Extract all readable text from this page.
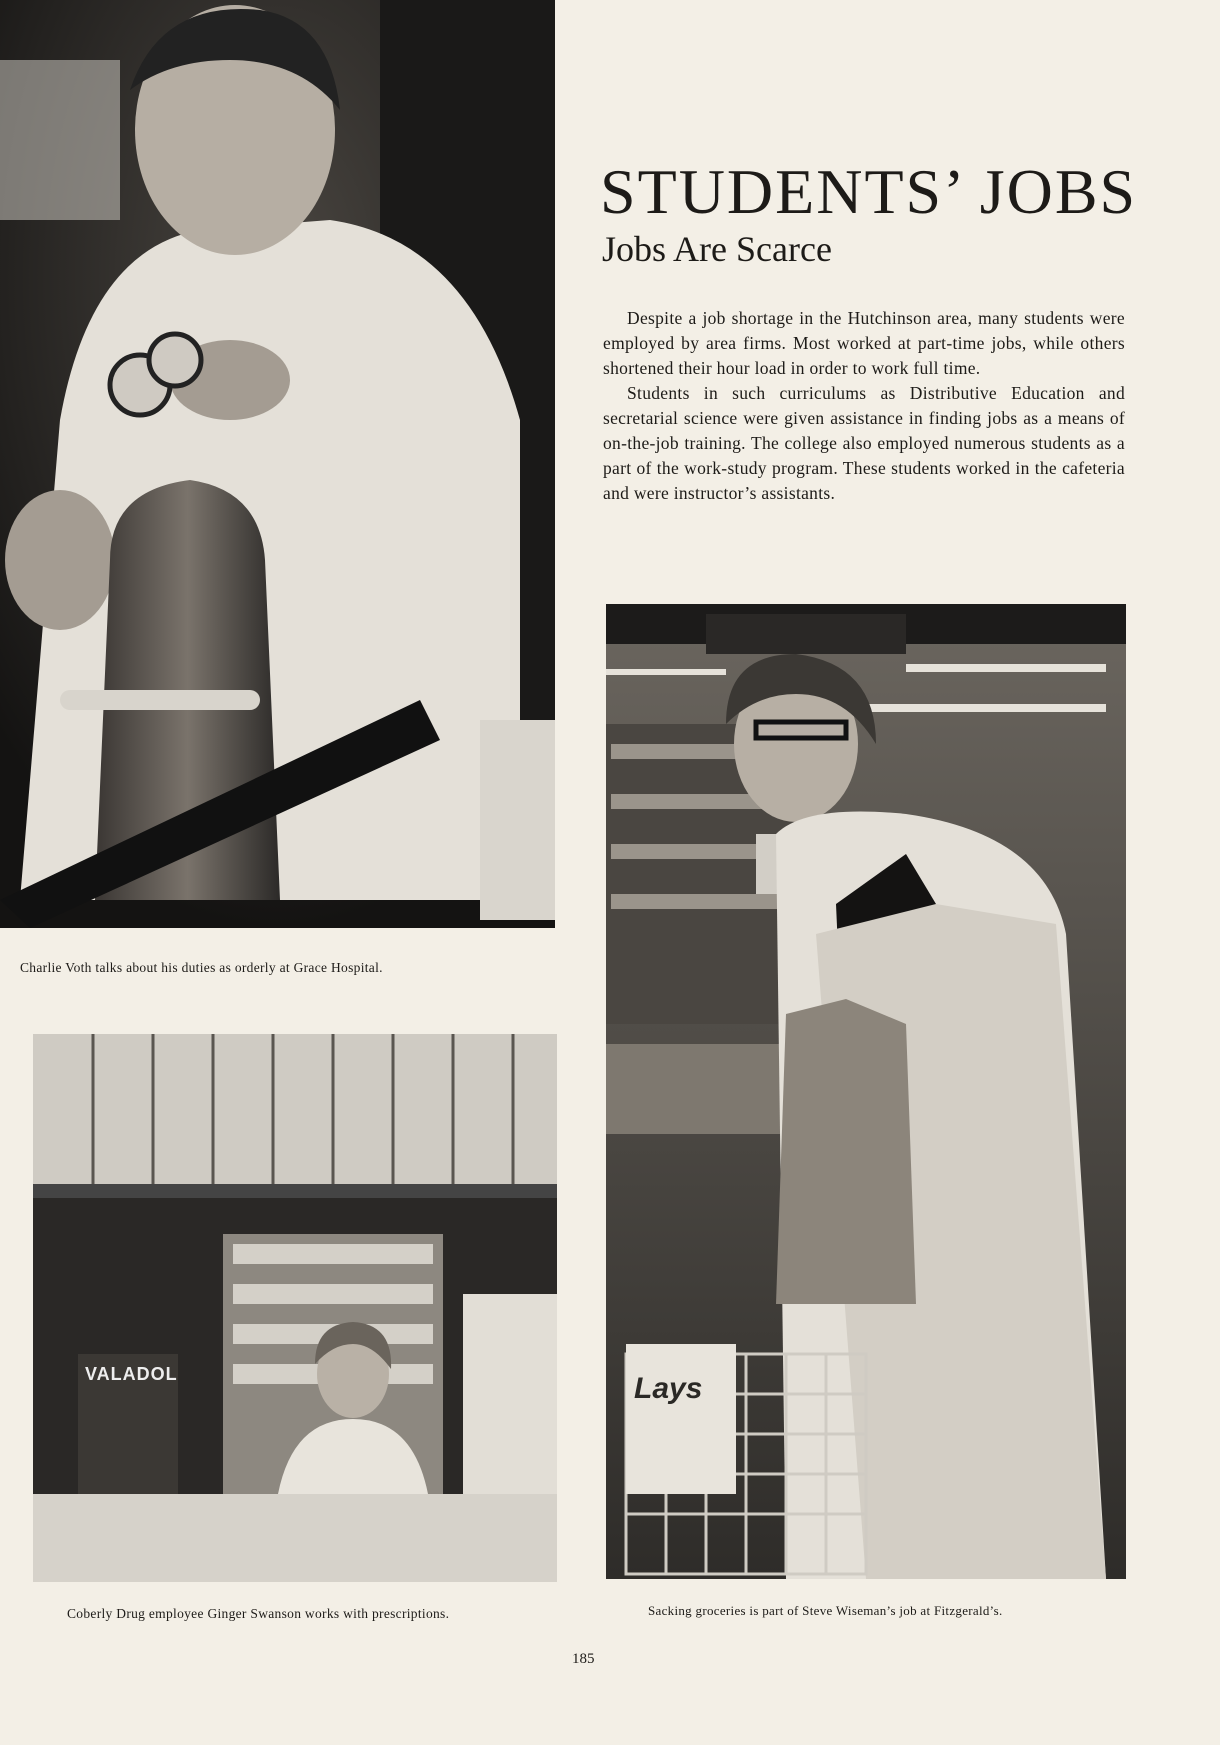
VALADOL	Lays
STUDENTS’ JOBS
Jobs Are Scarce

Despite a job shortage in the Hutchinson area, many students were employed by area firms. Most worked at part-time jobs, while others shortened their hour load in order to work full time.

Students in such curriculums as Distributive Education and secretarial science were given assistance in finding jobs as a means of on-the-job training. The college also employed numerous students as a part of the work-study program. These students worked in the cafeteria and were instructor’s assistants.

Charlie Voth talks about his duties as orderly at Grace Hospital.
Coberly Drug employee Ginger Swanson works with prescriptions.	Sacking groceries is part of Steve Wiseman’s job at Fitzgerald’s.
185
